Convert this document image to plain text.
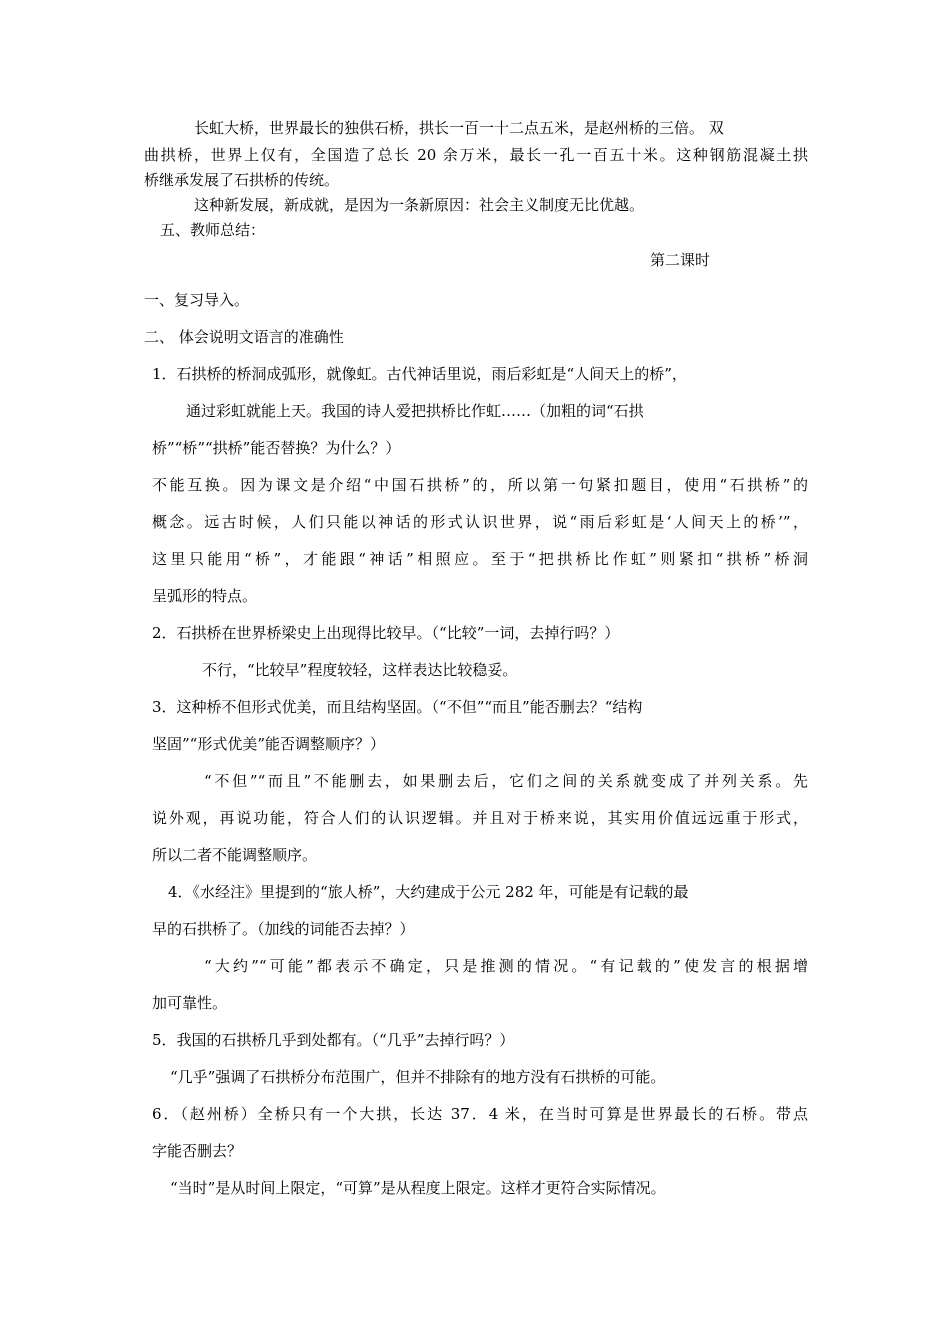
长虹大桥，世界最长的独供石桥，拱长一百一十二点五米，是赵州桥的三倍。 双
曲拱桥，世界上仅有，全国造了总长 20 余万米，最长一孔一百五十米。这种钢筋混凝土拱
桥继承发展了石拱桥的传统。
这种新发展，新成就，是因为一条新原因：社会主义制度无比优越。
五、教师总结：
第二课时
一、复习导入。
二、 体会说明文语言的准确性
1．石拱桥的桥洞成弧形，就像虹。古代神话里说，雨后彩虹是“人间天上的桥”，
通过彩虹就能上天。我国的诗人爱把拱桥比作虹……（加粗的词“石拱
桥”“桥”“拱桥”能否替换？为什么？）
不能互换。因为课文是介绍“中国石拱桥”的，所以第一句紧扣题目，使用“石拱桥”的
概念。远古时候，人们只能以神话的形式认识世界，说“雨后彩虹是‘人间天上的桥’”，
这里只能用“桥”，才能跟“神话”相照应。至于“把拱桥比作虹”则紧扣“拱桥”桥洞
呈弧形的特点。
2．石拱桥在世界桥梁史上出现得比较早。（“比较”一词，去掉行吗？）
不行，“比较早”程度较轻，这样表达比较稳妥。
3．这种桥不但形式优美，而且结构坚固。（“不但”“而且”能否删去？“结构
坚固”“形式优美”能否调整顺序？）
“不但”“而且”不能删去，如果删去后，它们之间的关系就变成了并列关系。先
说外观，再说功能，符合人们的认识逻辑。并且对于桥来说，其实用价值远远重于形式，
所以二者不能调整顺序。
4．《水经注》里提到的“旅人桥”，大约建成于公元 282 年，可能是有记载的最
早的石拱桥了。（加线的词能否去掉？）
“大约”“可能”都表示不确定，只是推测的情况。“有记载的”使发言的根据增
加可靠性。
5．我国的石拱桥几乎到处都有。（“几乎”去掉行吗？）
“几乎”强调了石拱桥分布范围广，但并不排除有的地方没有石拱桥的可能。
6．（赵州桥）全桥只有一个大拱，长达 37．4 米，在当时可算是世界最长的石桥。带点
字能否删去？
“当时”是从时间上限定，“可算”是从程度上限定。这样才更符合实际情况。
